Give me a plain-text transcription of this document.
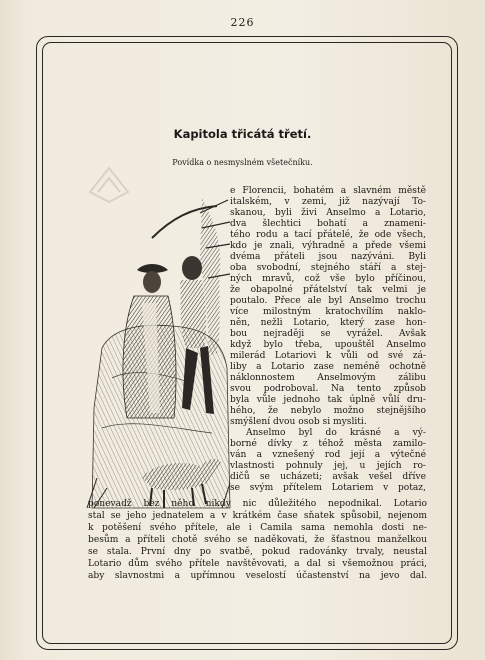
226
Kapitola třicátá třetí.
Povídka o nesmyslném všetečníku.
e Florencii, bohatém a slavném městě
italském, v zemi, již nazývají To-
skanou, byli živi Anselmo a Lotario,
dva šlechtici bohatí a znameni-
tého rodu a tací přátelé, že ode všech,
kdo je znali, výhradně a přede všemi
dvéma přáteli jsou nazýváni. Byli
oba svobodní, stejného stáří a stej-
ných mravů, což vše bylo příčinou,
že obapolné přátelství tak velmi je
poutalo. Přece ale byl Anselmo trochu
více milostným kratochvílím naklo-
něn, nežli Lotario, který zase hon-
bou nejraději se vyrážel. Avšak
když bylo třeba, upouštěl Anselmo
milerád Lotariovi k vůli od své zá-
liby a Lotario zase neméně ochotně
náklonnostem Anselmovým zálibu
svou podroboval. Na tento způsob
byla vůle jednoho tak úplně vůlí dru-
hého, že nebylo možno stejnějšího
smýšlení dvou osob si mysliti.
Anselmo byl do krásné a vý-
borné dívky z téhož města zamilo-
ván a vznešený rod její a výtečné
vlastnosti pohnuly jej, u jejích ro-
dičů se ucházeti; avšak vešel dříve
se svým přítelem Lotariem v potaz,
ponevadž bez něho nikdy nic důležitého nepodnikal. Lotario
stal se jeho jednatelem a v krátkém čase sňatek spůsobil, nejenom
k potěšení svého přítele, ale i Camila sama nemohla dosti ne-
besům a příteli chotě svého se naděkovati, že šťastnou manželkou
se stala. První dny po svatbě, pokud radovánky trvaly, neustal
Lotario dům svého přítele navštěvovati, a dal si všemožnou práci,
aby slavnostmi a upřímnou veselostí účastenství na jevo dal.
